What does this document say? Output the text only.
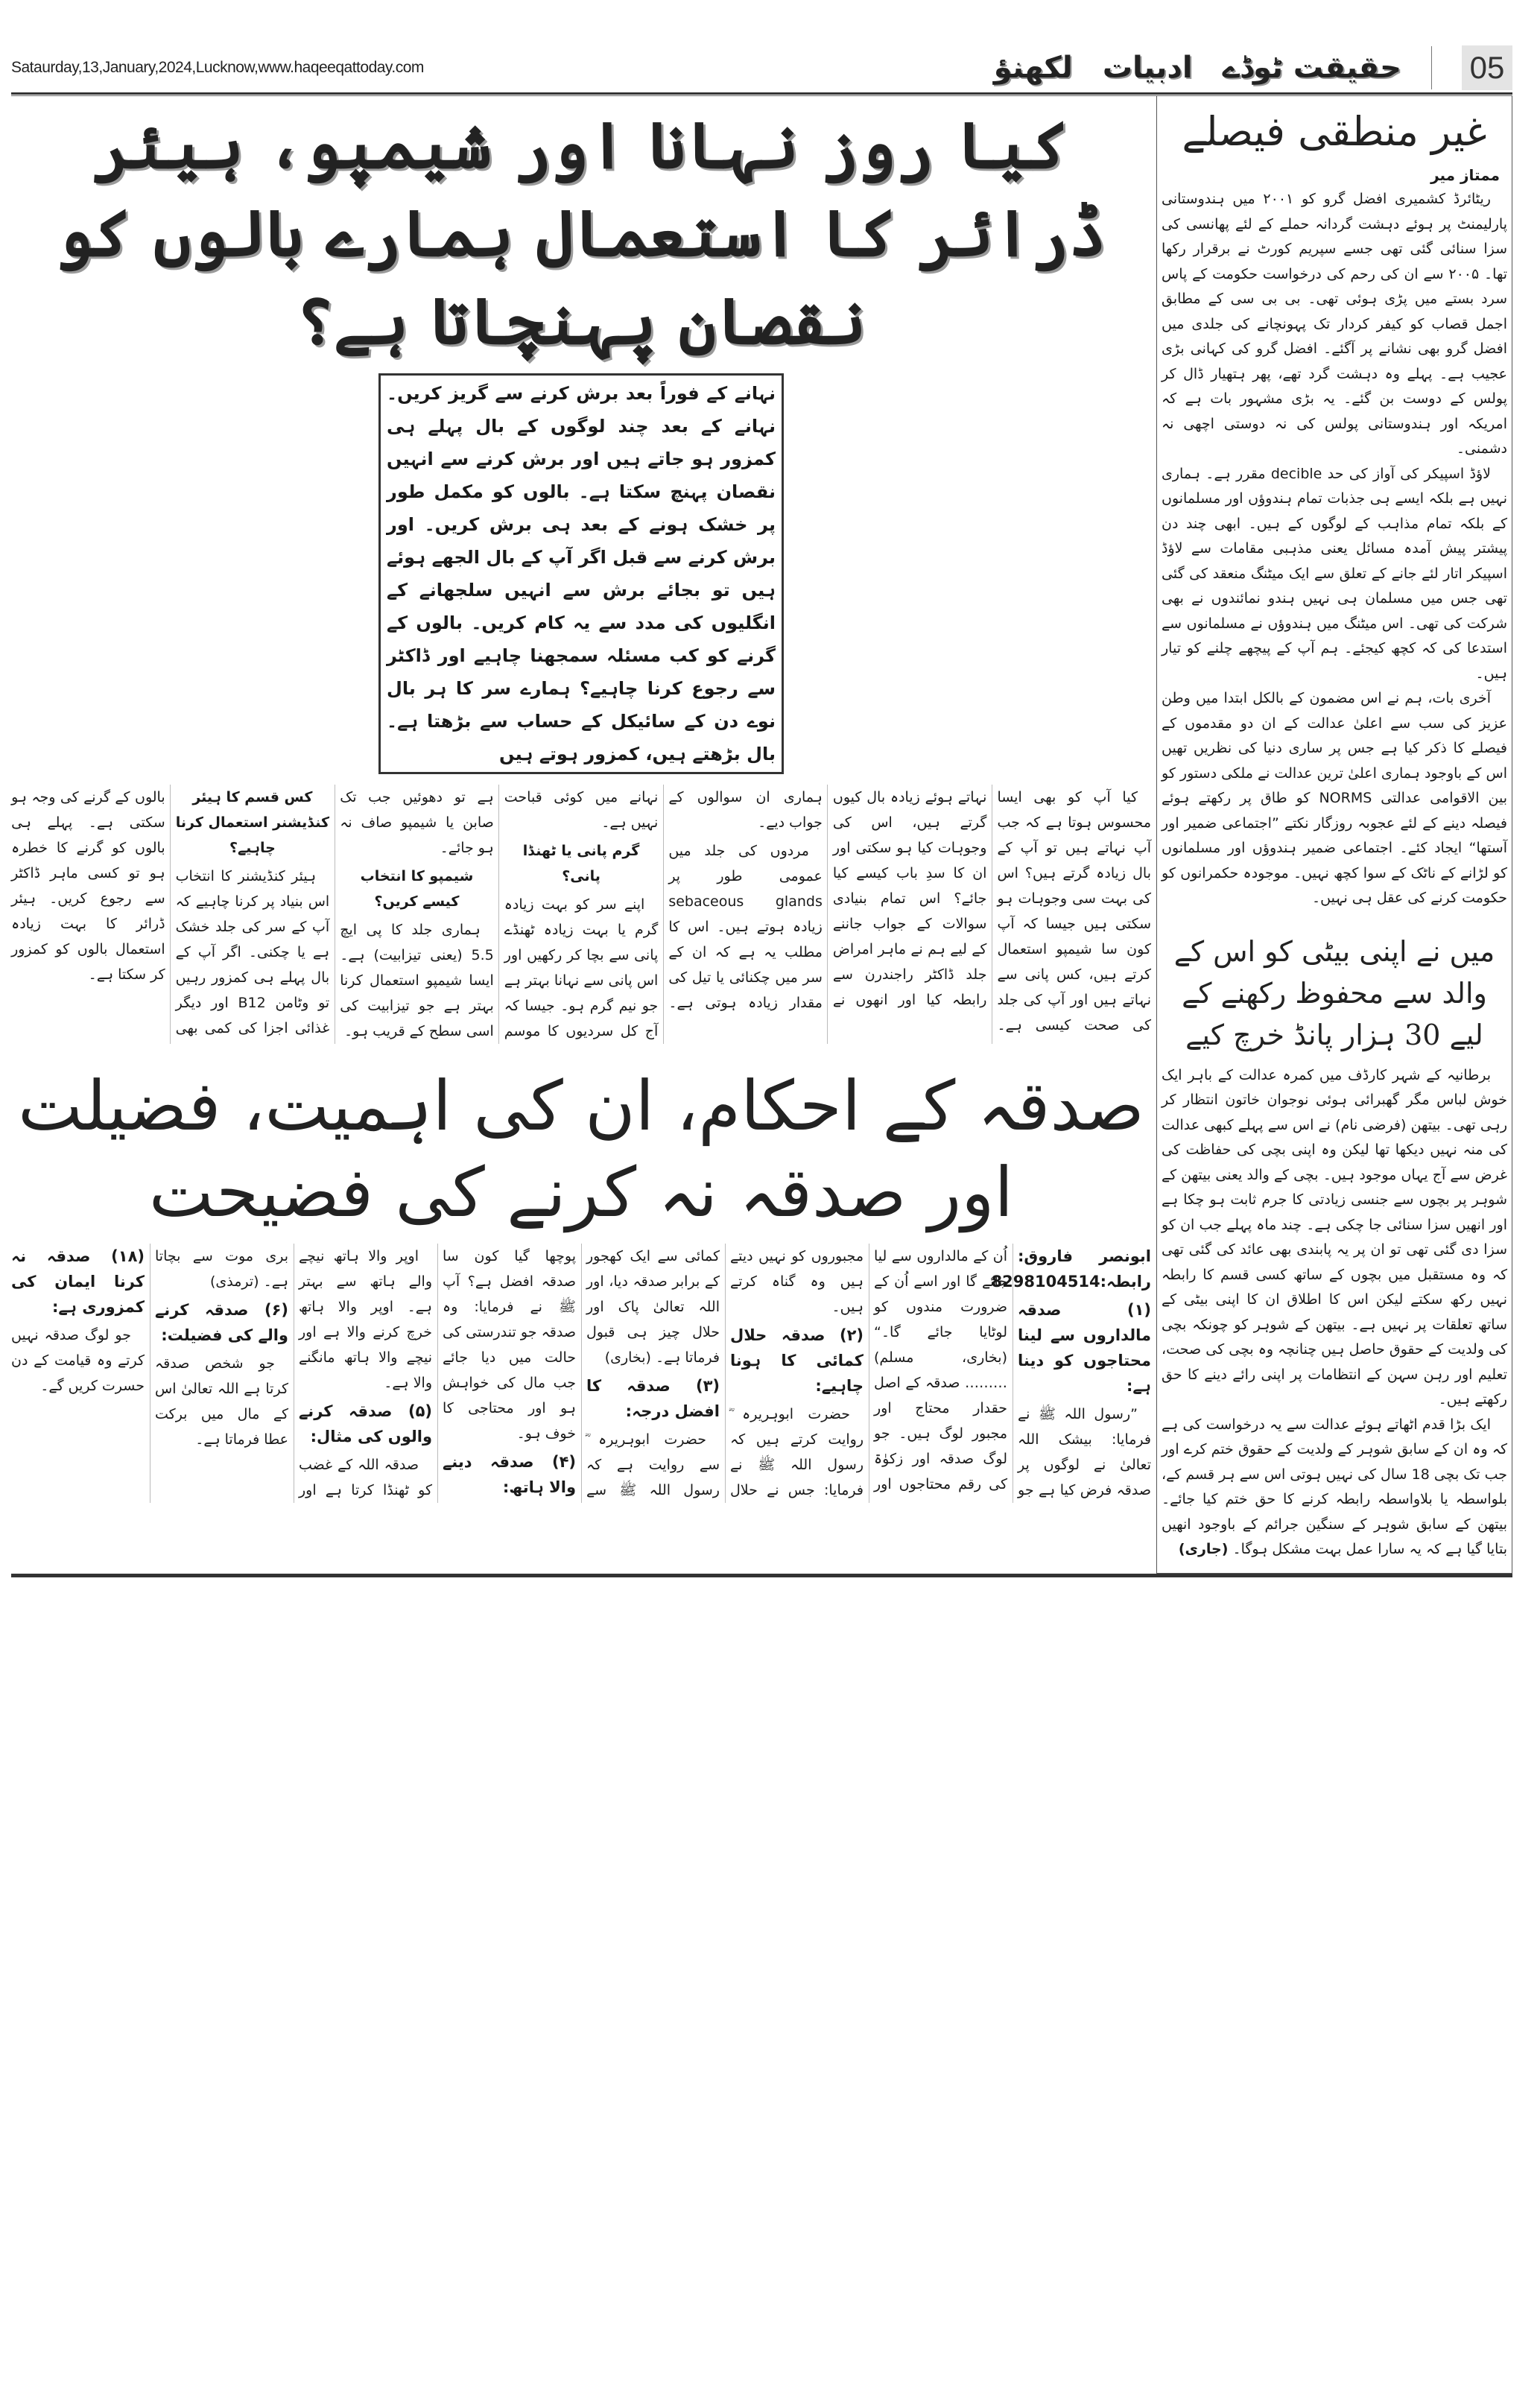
Sataurday,13,January,2024,Lucknow,www.haqeeqattoday.com	لکھنؤ ادبیات حقیقت ٹوڈے 05
کیا روز نہانا اور شیمپو، ہیئر ڈرائر کا استعمال ہمارے بالوں کو نقصان پہنچاتا ہے؟
نہانے کے فوراً بعد برش کرنے سے گریز کریں۔ نہانے کے بعد چند لوگوں کے بال پہلے ہی کمزور ہو جاتے ہیں اور برش کرنے سے انہیں نقصان پہنچ سکتا ہے۔ بالوں کو مکمل طور پر خشک ہونے کے بعد ہی برش کریں۔ اور برش کرنے سے قبل اگر آپ کے بال الجھے ہوئے ہیں تو بجائے برش سے انہیں سلجھانے کے انگلیوں کی مدد سے یہ کام کریں۔ بالوں کے گرنے کو کب مسئلہ سمجھنا چاہیے اور ڈاکٹر سے رجوع کرنا چاہیے؟ ہمارے سر کا ہر بال نوے دن کے سائیکل کے حساب سے بڑھتا ہے۔ بال بڑھتے ہیں، کمزور ہوتے ہیں

کیا آپ کو بھی ایسا محسوس ہوتا ہے کہ جب آپ نہاتے ہیں تو آپ کے بال زیادہ گرتے ہیں؟ اس کی بہت سی وجوہات ہو سکتی ہیں جیسا کہ آپ کون سا شیمپو استعمال کرتے ہیں، کس پانی سے نہاتے ہیں اور آپ کی جلد کی صحت کیسی ہے۔ نہاتے ہوئے زیادہ بال کیوں گرتے ہیں، اس کی وجوہات کیا ہو سکتی اور ان کا سدِ باب کیسے کیا جائے؟ اس تمام بنیادی سوالات کے جواب جاننے کے لیے ہم نے ماہر امراض جلد ڈاکٹر راجندرن سے رابطہ کیا اور انھوں نے ہماری ان سوالوں کے جواب دیے۔

مردوں کی جلد میں عمومی طور پر sebaceous glands زیادہ ہوتے ہیں۔ اس کا مطلب یہ ہے کہ ان کے سر میں چکنائی یا تیل کی مقدار زیادہ ہوتی ہے۔ نہانے میں کوئی قباحت نہیں ہے۔

گرم پانی یا ٹھنڈا پانی؟

اپنے سر کو بہت زیادہ گرم یا بہت زیادہ ٹھنڈے پانی سے بچا کر رکھیں اور اس پانی سے نہانا بہتر ہے جو نیم گرم ہو۔ جیسا کہ آج کل سردیوں کا موسم ہے تو دھوئیں جب تک صابن یا شیمپو صاف نہ ہو جائے۔

شیمپو کا انتخاب کیسے کریں؟

ہماری جلد کا پی ایچ 5.5 (یعنی تیزابیت) ہے۔ ایسا شیمپو استعمال کرنا بہتر ہے جو تیزابیت کی اسی سطح کے قریب ہو۔

کس قسم کا ہیئر کنڈیشنر استعمال کرنا چاہیے؟

ہیئر کنڈیشنر کا انتخاب اس بنیاد پر کرنا چاہیے کہ آپ کے سر کی جلد خشک ہے یا چکنی۔ اگر آپ کے بال پہلے ہی کمزور رہیں تو وٹامن B12 اور دیگر غذائی اجزا کی کمی بھی بالوں کے گرنے کی وجہ ہو سکتی ہے۔ پہلے ہی بالوں کو گرنے کا خطرہ ہو تو کسی ماہر ڈاکٹر سے رجوع کریں۔ ہیئر ڈرائر کا بہت زیادہ استعمال بالوں کو کمزور کر سکتا ہے۔

صدقہ کے احکام، ان کی اہمیت، فضیلت اور صدقہ نہ کرنے کی فضیحت

ابونصر فاروق: رابطہ:8298104514

(۱) صدقہ مالداروں سے لینا محتاجوں کو دینا ہے:

”رسول اللہ ﷺ نے فرمایا: بیشک اللہ تعالیٰ نے لوگوں پر صدقہ فرض کیا ہے جو اُن کے مالداروں سے لیا جائے گا اور اسے اُن کے ضرورت مندوں کو لوٹایا جائے گا۔“ (بخاری، مسلم) ……… صدقہ کے اصل حقدار محتاج اور مجبور لوگ ہیں۔ جو لوگ صدقہ اور زکوٰۃ کی رقم محتاجوں اور مجبوروں کو نہیں دیتے ہیں وہ گناہ کرتے ہیں۔

(۲) صدقہ حلال کمائی کا ہونا چاہیے:

حضرت ابوہریرہ ؓ روایت کرتے ہیں کہ رسول اللہ ﷺ نے فرمایا: جس نے حلال کمائی سے ایک کھجور کے برابر صدقہ دیا، اور اللہ تعالیٰ پاک اور حلال چیز ہی قبول فرماتا ہے۔ (بخاری)

(۳) صدقہ کا افضل درجہ:

حضرت ابوہریرہ ؓ سے روایت ہے کہ رسول اللہ ﷺ سے پوچھا گیا کون سا صدقہ افضل ہے؟ آپ ﷺ نے فرمایا: وہ صدقہ جو تندرستی کی حالت میں دیا جائے جب مال کی خواہش ہو اور محتاجی کا خوف ہو۔

(۴) صدقہ دینے والا ہاتھ:

اوپر والا ہاتھ نیچے والے ہاتھ سے بہتر ہے۔ اوپر والا ہاتھ خرچ کرنے والا ہے اور نیچے والا ہاتھ مانگنے والا ہے۔

(۵) صدقہ کرنے والوں کی مثال:

صدقہ اللہ کے غضب کو ٹھنڈا کرتا ہے اور بری موت سے بچاتا ہے۔ (ترمذی)

(۶) صدقہ کرنے والے کی فضیلت:

جو شخص صدقہ کرتا ہے اللہ تعالیٰ اس کے مال میں برکت عطا فرماتا ہے۔

(۱۸) صدقہ نہ کرنا ایمان کی کمزوری ہے:

جو لوگ صدقہ نہیں کرتے وہ قیامت کے دن حسرت کریں گے۔

غیر منطقی فیصلے
ممتاز میر

ریٹائرڈ کشمیری افضل گرو کو ۲۰۰۱ میں ہندوستانی پارلیمنٹ پر ہوئے دہشت گردانہ حملے کے لئے پھانسی کی سزا سنائی گئی تھی جسے سپریم کورٹ نے برقرار رکھا تھا۔ ۲۰۰۵ سے ان کی رحم کی درخواست حکومت کے پاس سرد بستے میں پڑی ہوئی تھی۔ بی بی سی کے مطابق اجمل قصاب کو کیفر کردار تک پہونچانے کی جلدی میں افضل گرو بھی نشانے پر آگئے۔ افضل گرو کی کہانی بڑی عجیب ہے۔ پہلے وہ دہشت گرد تھے، پھر ہتھیار ڈال کر پولس کے دوست بن گئے۔ یہ بڑی مشہور بات ہے کہ امریکہ اور ہندوستانی پولس کی نہ دوستی اچھی نہ دشمنی۔

لاؤڈ اسپیکر کی آواز کی حد decible مقرر ہے۔ ہماری نہیں ہے بلکہ ایسے ہی جذبات تمام ہندوؤں اور مسلمانوں کے بلکہ تمام مذاہب کے لوگوں کے ہیں۔ ابھی چند دن پیشتر پیش آمدہ مسائل یعنی مذہبی مقامات سے لاؤڈ اسپیکر اتار لئے جانے کے تعلق سے ایک میٹنگ منعقد کی گئی تھی جس میں مسلمان ہی نہیں ہندو نمائندوں نے بھی شرکت کی تھی۔ اس میٹنگ میں ہندوؤں نے مسلمانوں سے استدعا کی کہ کچھ کیجئے۔ ہم آپ کے پیچھے چلنے کو تیار ہیں۔

آخری بات، ہم نے اس مضمون کے بالکل ابتدا میں وطن عزیز کی سب سے اعلیٰ عدالت کے ان دو مقدموں کے فیصلے کا ذکر کیا ہے جس پر ساری دنیا کی نظریں تھیں اس کے باوجود ہماری اعلیٰ ترین عدالت نے ملکی دستور کو بین الاقوامی عدالتی NORMS کو طاق پر رکھتے ہوئے فیصلہ دینے کے لئے عجوبہ روزگار نکتے ”اجتماعی ضمیر اور آستھا“ ایجاد کئے۔ اجتماعی ضمیر ہندوؤں اور مسلمانوں کو لڑانے کے ناٹک کے سوا کچھ نہیں۔ موجودہ حکمرانوں کو حکومت کرنے کی عقل ہی نہیں۔

میں نے اپنی بیٹی کو اس کے والد سے محفوظ رکھنے کے لیے 30 ہزار پانڈ خرچ کیے

برطانیہ کے شہر کارڈف میں کمرہ عدالت کے باہر ایک خوش لباس مگر گھبرائی ہوئی نوجوان خاتون انتظار کر رہی تھی۔ بیتھن (فرضی نام) نے اس سے پہلے کبھی عدالت کی منہ نہیں دیکھا تھا لیکن وہ اپنی بچی کی حفاظت کی غرض سے آج یہاں موجود ہیں۔ بچی کے والد یعنی بیتھن کے شوہر پر بچوں سے جنسی زیادتی کا جرم ثابت ہو چکا ہے اور انھیں سزا سنائی جا چکی ہے۔ چند ماہ پہلے جب ان کو سزا دی گئی تھی تو ان پر یہ پابندی بھی عائد کی گئی تھی کہ وہ مستقبل میں بچوں کے ساتھ کسی قسم کا رابطہ نہیں رکھ سکتے لیکن اس کا اطلاق ان کا اپنی بیٹی کے ساتھ تعلقات پر نہیں ہے۔ بیتھن کے شوہر کو چونکہ بچی کی ولدیت کے حقوق حاصل ہیں چنانچہ وہ بچی کی صحت، تعلیم اور رہن سہن کے انتظامات پر اپنی رائے دینے کا حق رکھتے ہیں۔

ایک بڑا قدم اٹھاتے ہوئے عدالت سے یہ درخواست کی ہے کہ وہ ان کے سابق شوہر کے ولدیت کے حقوق ختم کرے اور جب تک بچی 18 سال کی نہیں ہوتی اس سے ہر قسم کے، بلواسطہ یا بلاواسطہ رابطہ کرنے کا حق ختم کیا جائے۔ بیتھن کے سابق شوہر کے سنگین جرائم کے باوجود انھیں بتایا گیا ہے کہ یہ سارا عمل بہت مشکل ہوگا۔ (جاری)
